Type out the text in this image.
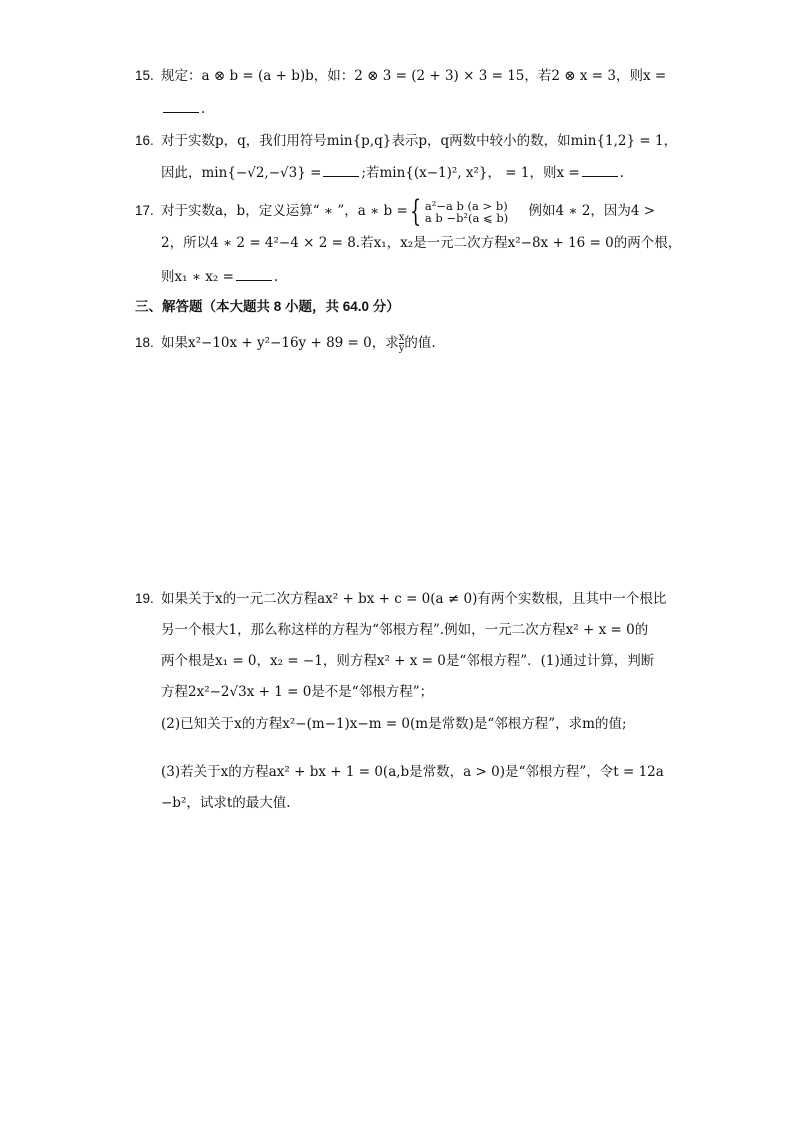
15. 规定：a ⊗ b = (a + b)b，如：2 ⊗ 3 = (2 + 3) × 3 = 15，若2 ⊗ x = 3，则x =
.
16. 对于实数p，q，我们用符号min{p,q}表示p，q两数中较小的数，如min{1,2} = 1，
因此，min{−√2,−√3} =	;若min{(x−1)², x²}， = 1，则x =	.
17. 对于实数a，b，定义运算“ ∗ ”，a ∗ b ={ a²−a b (a > b)
a b −b²(a ⩽ b) 例如4 ∗ 2，因为4 >
2，所以4 ∗ 2 = 4²−4 × 2 = 8.若x₁，x₂是一元二次方程x²−8x + 16 = 0的两个根，
则x₁ ∗ x₂ =	.
三、解答题（本大题共 8 小题，共 64.0 分）
18. 如果x²−10x + y²−16y + 89 = 0，求 $\frac{x}{y}$ 的值.
19. 如果关于x的一元二次方程ax² + bx + c = 0(a ≠ 0)有两个实数根，且其中一个根比
另一个根大1，那么称这样的方程为“邻根方程”.例如，一元二次方程x² + x = 0的
两个根是x₁ = 0，x₂ = −1，则方程x² + x = 0是“邻根方程”．(1)通过计算，判断
方程2x²−2√3x + 1 = 0是不是“邻根方程”；
(2)已知关于x的方程x²−(m−1)x−m = 0(m是常数)是“邻根方程”，求m的值;
(3)若关于x的方程ax² + bx + 1 = 0(a,b是常数，a > 0)是“邻根方程”，令t = 12a
−b²，试求t的最大值.
